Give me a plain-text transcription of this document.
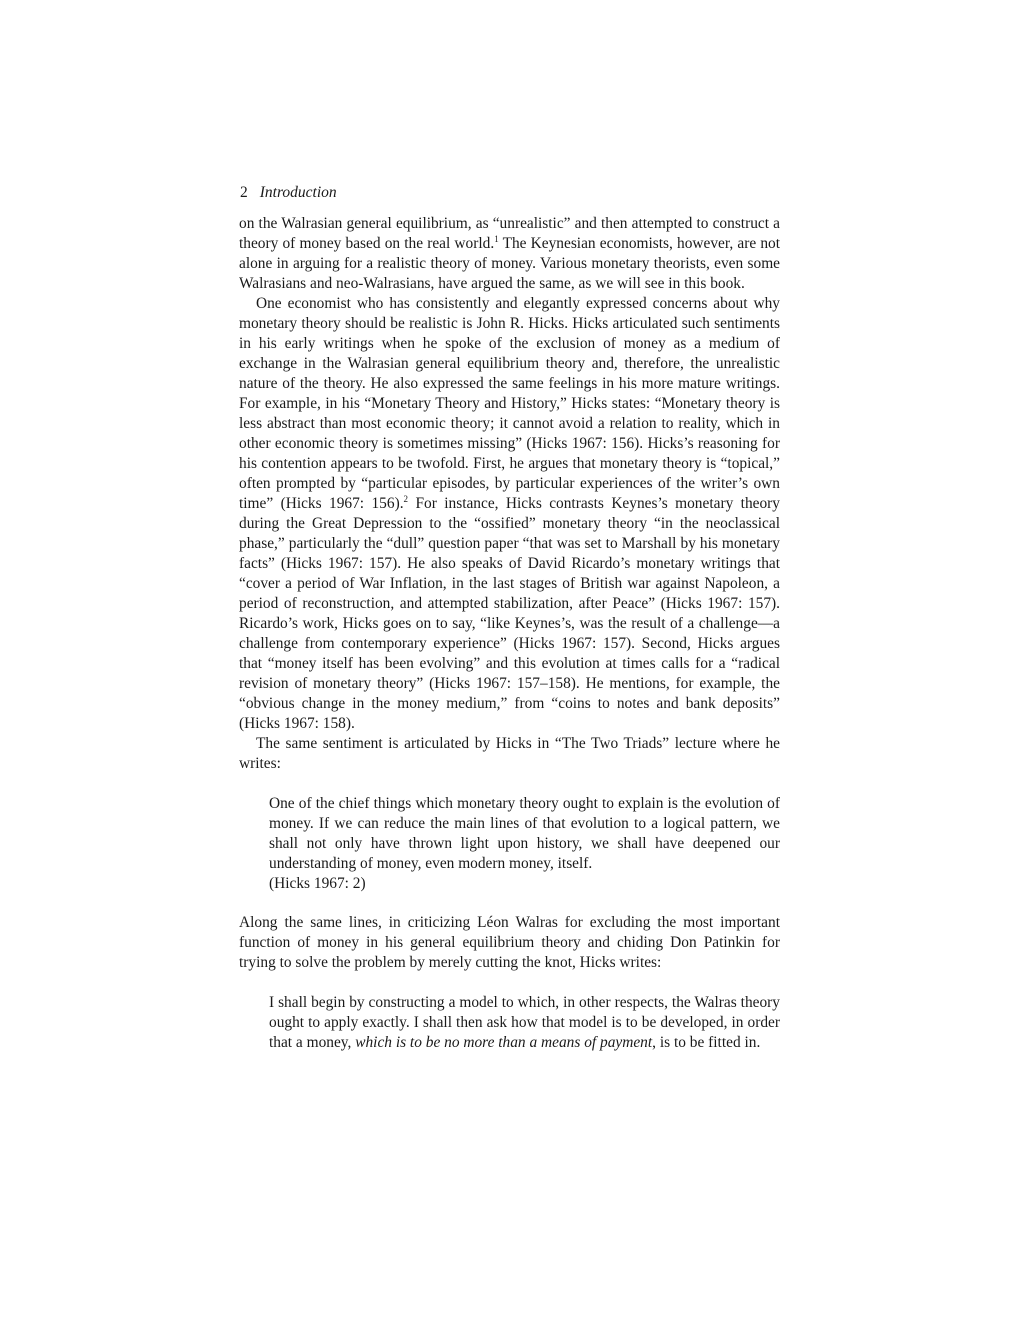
2 Introduction

on the Walrasian general equilibrium, as “unrealistic” and then attempted to construct a theory of money based on the real world.$^1$ The Keynesian economists, however, are not alone in arguing for a realistic theory of money. Various monetary theorists, even some Walrasians and neo-Walrasians, have argued the same, as we will see in this book.

One economist who has consistently and elegantly expressed concerns about why monetary theory should be realistic is John R. Hicks. Hicks articulated such sentiments in his early writings when he spoke of the exclusion of money as a medium of exchange in the Walrasian general equilibrium theory and, therefore, the unrealistic nature of the theory. He also expressed the same feelings in his more mature writings. For example, in his “Monetary Theory and History,” Hicks states: “Monetary theory is less abstract than most economic theory; it cannot avoid a relation to reality, which in other economic theory is sometimes missing” (Hicks 1967: 156). Hicks’s reasoning for his contention appears to be twofold. First, he argues that monetary theory is “topical,” often prompted by “particular episodes, by particular experiences of the writer’s own time” (Hicks 1967: 156).$^2$ For instance, Hicks contrasts Keynes’s monetary theory during the Great Depression to the “ossified” monetary theory “in the neoclassical phase,” particularly the “dull” question paper “that was set to Marshall by his monetary facts” (Hicks 1967: 157). He also speaks of David Ricardo’s monetary writings that “cover a period of War Inflation, in the last stages of British war against Napoleon, a period of reconstruction, and attempted stabilization, after Peace” (Hicks 1967: 157). Ricardo’s work, Hicks goes on to say, “like Keynes’s, was the result of a challenge—a challenge from contemporary experience” (Hicks 1967: 157). Second, Hicks argues that “money itself has been evolving” and this evolution at times calls for a “radical revision of monetary theory” (Hicks 1967: 157–158). He mentions, for example, the “obvious change in the money medium,” from “coins to notes and bank deposits” (Hicks 1967: 158).

The same sentiment is articulated by Hicks in “The Two Triads” lecture where he writes:

One of the chief things which monetary theory ought to explain is the evolution of money. If we can reduce the main lines of that evolution to a logical pattern, we shall not only have thrown light upon history, we shall have deepened our understanding of money, even modern money, itself.

(Hicks 1967: 2)

Along the same lines, in criticizing Léon Walras for excluding the most important function of money in his general equilibrium theory and chiding Don Patinkin for trying to solve the problem by merely cutting the knot, Hicks writes:

I shall begin by constructing a model to which, in other respects, the Walras theory ought to apply exactly. I shall then ask how that model is to be developed, in order that a money, which is to be no more than a means of payment, is to be fitted in.
